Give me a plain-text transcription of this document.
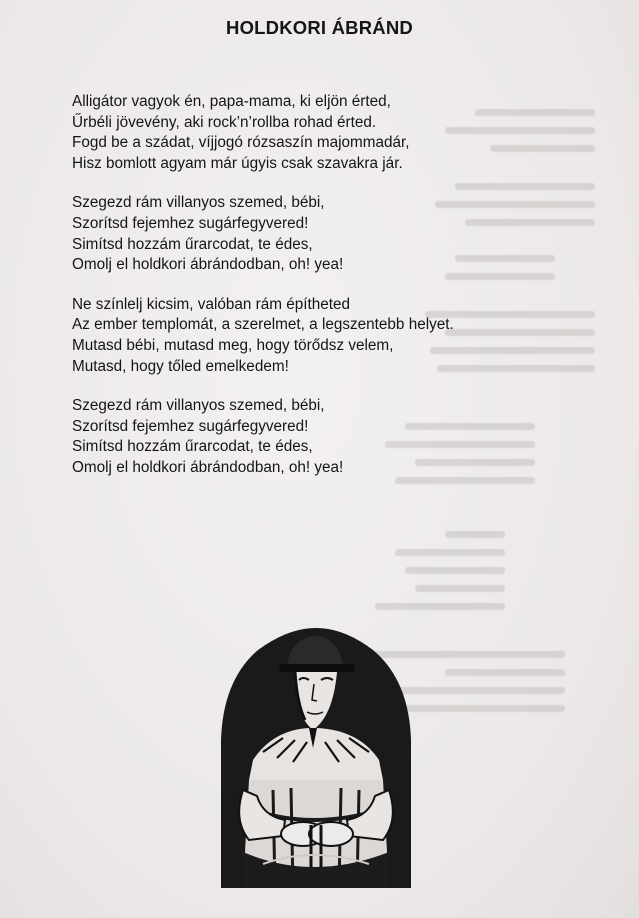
HOLDKORI ÁBRÁND
Alligátor vagyok én, papa-mama, ki eljön érted,
Űrbéli jövevény, aki rock’n’rollba rohad érted.
Fogd be a szádat, víjjogó rózsaszín majommadár,
Hisz bomlott agyam már úgyis csak szavakra jár.
Szegezd rám villanyos szemed, bébi,
Szorítsd fejemhez sugárfegyvered!
Simítsd hozzám űrarcodat, te édes,
Omolj el holdkori ábrándodban, oh! yea!
Ne színlelj kicsim, valóban rám építheted
Az ember templomát, a szerelmet, a legszentebb helyet.
Mutasd bébi, mutasd meg, hogy törődsz velem,
Mutasd, hogy tőled emelkedem!
Szegezd rám villanyos szemed, bébi,
Szorítsd fejemhez sugárfegyvered!
Simítsd hozzám űrarcodat, te édes,
Omolj el holdkori ábrándodban, oh! yea!
